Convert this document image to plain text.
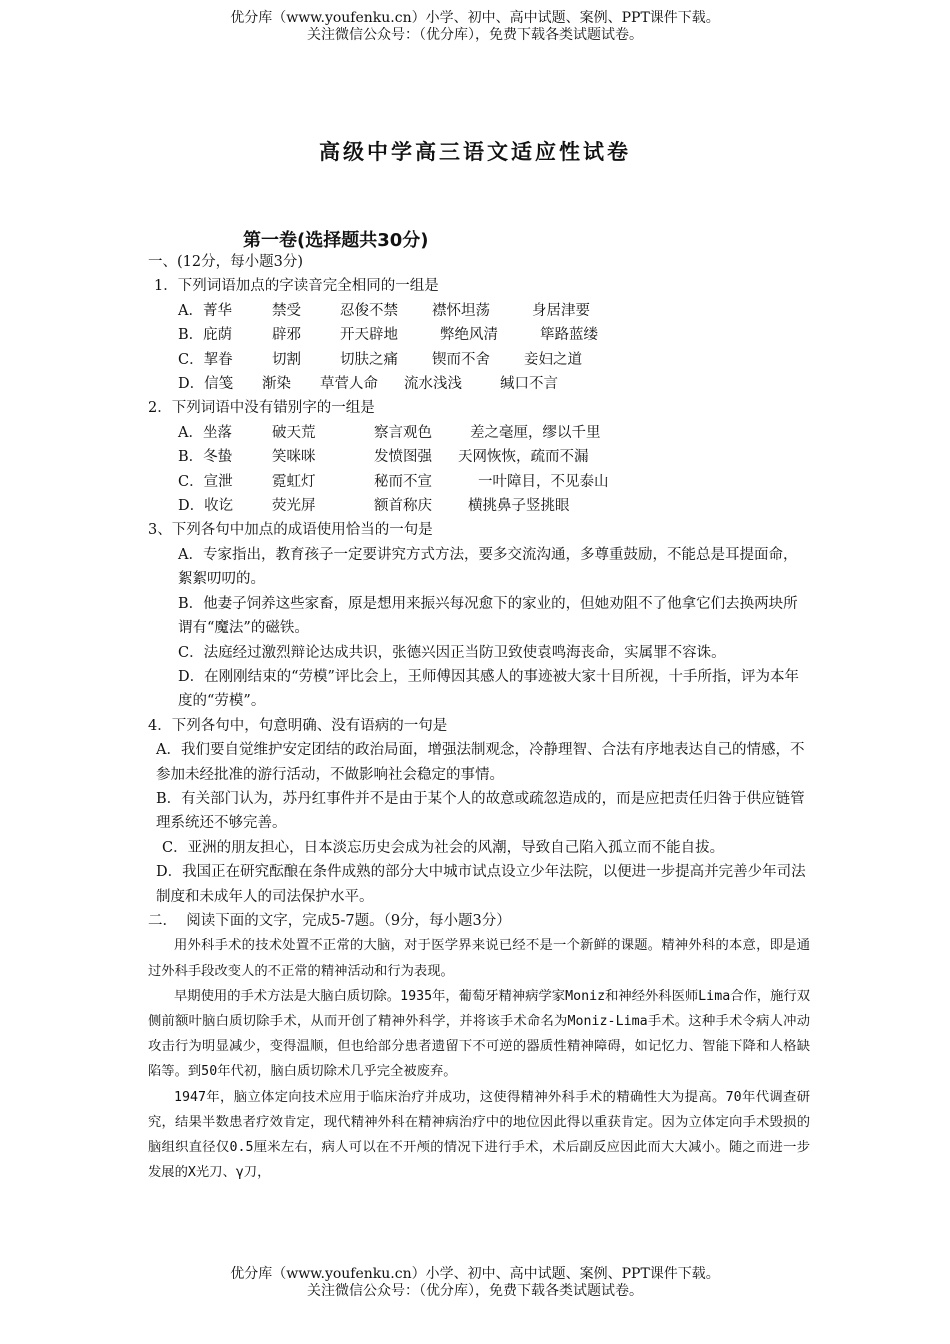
优分库（www.youfenku.cn）小学、初中、高中试题、案例、PPT课件下载。
关注微信公众号：（优分库），免费下载各类试题试卷。
高级中学高三语文适应性试卷
第一卷(选择题共30分)

一、(12分，每小题3分)

1．下列词语加点的字读音完全相同的一组是

A．菁华	禁受	忍俊不禁	襟怀坦荡	身居津要
B．庇荫	辟邪	开天辟地	弊绝风清	筚路蓝缕
C．挈眷	切割	切肤之痛	锲而不舍	妾妇之道
D．信笺	渐染	草菅人命	流水浅浅	缄口不言

2．下列词语中没有错别字的一组是

A．坐落	破天荒	察言观色	差之毫厘，缪以千里
B．冬蛰	笑咪咪	发愤图强	天网恢恢，疏而不漏
C．宣泄	霓虹灯	秘而不宣	一叶障目，不见泰山
D．收讫	荧光屏	额首称庆	横挑鼻子竖挑眼

3、下列各句中加点的成语使用恰当的一句是

A．专家指出，教育孩子一定要讲究方式方法，要多交流沟通，多尊重鼓励，不能总是耳提面命，絮絮叨叨的。

B．他妻子饲养这些家畜，原是想用来振兴每况愈下的家业的，但她劝阻不了他拿它们去换两块所谓有“魔法”的磁铁。

C．法庭经过激烈辩论达成共识，张德兴因正当防卫致使袁鸣海丧命，实属罪不容诛。

D．在刚刚结束的“劳模”评比会上，王师傅因其感人的事迹被大家十目所视，十手所指，评为本年度的“劳模”。

4．下列各句中，句意明确、没有语病的一句是

A．我们要自觉维护安定团结的政治局面，增强法制观念，冷静理智、合法有序地表达自己的情感，不参加未经批准的游行活动，不做影响社会稳定的事情。

B．有关部门认为，苏丹红事件并不是由于某个人的故意或疏忽造成的，而是应把责任归咎于供应链管理系统还不够完善。

C．亚洲的朋友担心，日本淡忘历史会成为社会的风潮，导致自己陷入孤立而不能自拔。

D．我国正在研究酝酿在条件成熟的部分大中城市试点设立少年法院，以便进一步提高并完善少年司法制度和未成年人的司法保护水平。

二．  阅读下面的文字，完成5-7题。（9分，每小题3分）

用外科手术的技术处置不正常的大脑，对于医学界来说已经不是一个新鲜的课题。精神外科的本意，即是通过外科手段改变人的不正常的精神活动和行为表现。

早期使用的手术方法是大脑白质切除。1935年，葡萄牙精神病学家Moniz和神经外科医师Lima合作，施行双侧前额叶脑白质切除手术，从而开创了精神外科学，并将该手术命名为Moniz-Lima手术。这种手术令病人冲动攻击行为明显减少，变得温顺，但也给部分患者遗留下不可逆的器质性精神障碍，如记忆力、智能下降和人格缺陷等。到50年代初，脑白质切除术几乎完全被废弃。

1947年，脑立体定向技术应用于临床治疗并成功，这使得精神外科手术的精确性大为提高。70年代调查研究，结果半数患者疗效肯定，现代精神外科在精神病治疗中的地位因此得以重获肯定。因为立体定向手术毁损的脑组织直径仅0.5厘米左右，病人可以在不开颅的情况下进行手术，术后副反应因此而大大减小。随之而进一步发展的X光刀、γ刀，

优分库（www.youfenku.cn）小学、初中、高中试题、案例、PPT课件下载。
关注微信公众号：（优分库），免费下载各类试题试卷。
